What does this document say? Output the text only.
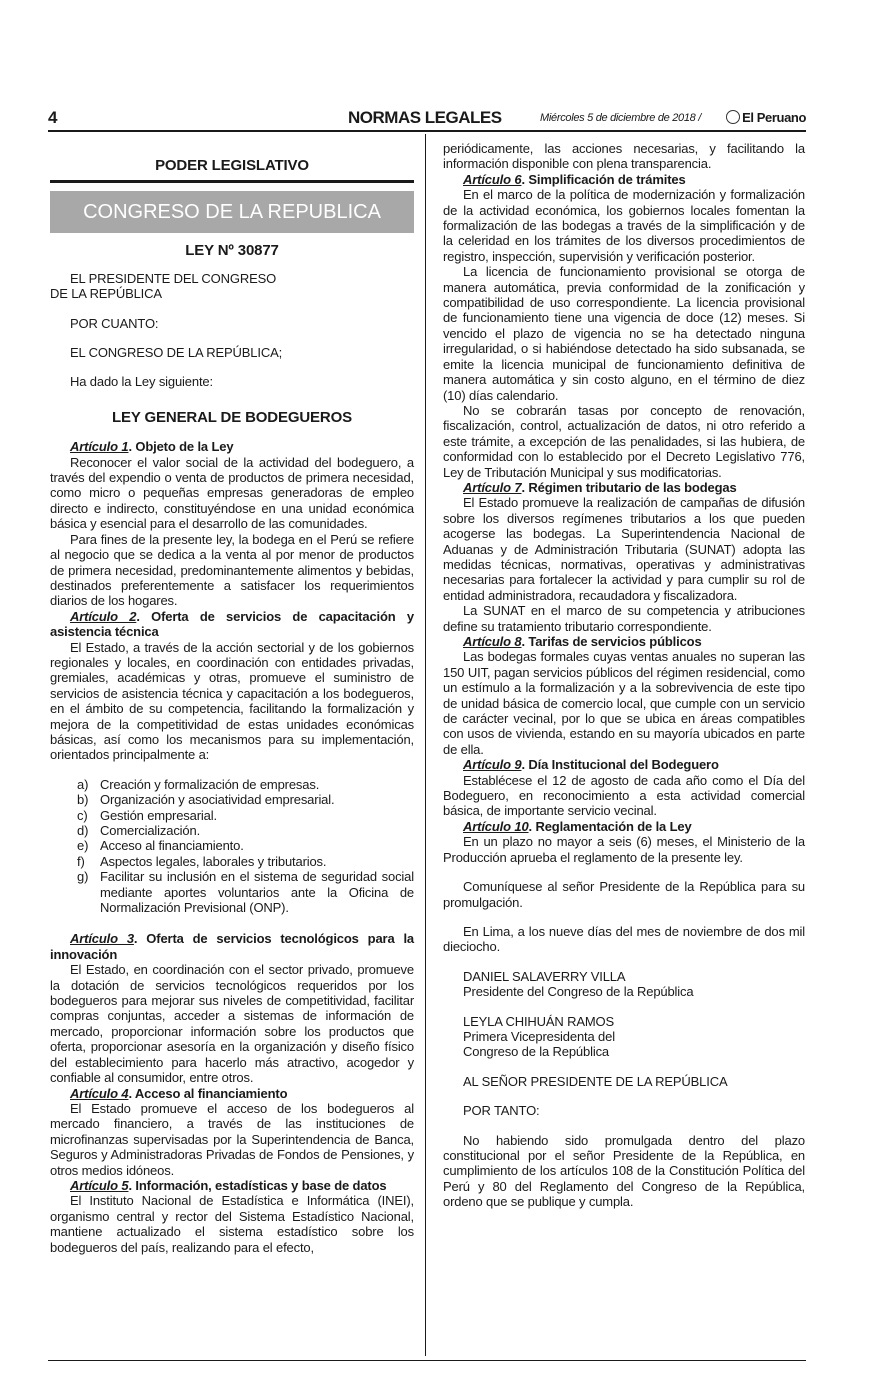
4	NORMAS LEGALES	Miércoles 5 de diciembre de 2018 /	El Peruano
PODER LEGISLATIVO
CONGRESO DE LA REPUBLICA
LEY Nº 30877

EL PRESIDENTE DEL CONGRESO
DE LA REPÚBLICA

POR CUANTO:

EL CONGRESO DE LA REPÚBLICA;

Ha dado la Ley siguiente:

LEY GENERAL DE BODEGUEROS

Artículo 1. Objeto de la Ley

Reconocer el valor social de la actividad del bodeguero, a través del expendio o venta de productos de primera necesidad, como micro o pequeñas empresas generadoras de empleo directo e indirecto, constituyéndose en una unidad económica básica y esencial para el desarrollo de las comunidades.

Para fines de la presente ley, la bodega en el Perú se refiere al negocio que se dedica a la venta al por menor de productos de primera necesidad, predominantemente alimentos y bebidas, destinados preferentemente a satisfacer los requerimientos diarios de los hogares.

Artículo 2. Oferta de servicios de capacitación y asistencia técnica

El Estado, a través de la acción sectorial y de los gobiernos regionales y locales, en coordinación con entidades privadas, gremiales, académicas y otras, promueve el suministro de servicios de asistencia técnica y capacitación a los bodegueros, en el ámbito de su competencia, facilitando la formalización y mejora de la competitividad de estas unidades económicas básicas, así como los mecanismos para su implementación, orientados principalmente a:

a) Creación y formalización de empresas.
b) Organización y asociatividad empresarial.
c) Gestión empresarial.
d) Comercialización.
e) Acceso al financiamiento.
f) Aspectos legales, laborales y tributarios.
g) Facilitar su inclusión en el sistema de seguridad social mediante aportes voluntarios ante la Oficina de Normalización Previsional (ONP).

Artículo 3. Oferta de servicios tecnológicos para la innovación

El Estado, en coordinación con el sector privado, promueve la dotación de servicios tecnológicos requeridos por los bodegueros para mejorar sus niveles de competitividad, facilitar compras conjuntas, acceder a sistemas de información de mercado, proporcionar información sobre los productos que oferta, proporcionar asesoría en la organización y diseño físico del establecimiento para hacerlo más atractivo, acogedor y confiable al consumidor, entre otros.

Artículo 4. Acceso al financiamiento

El Estado promueve el acceso de los bodegueros al mercado financiero, a través de las instituciones de microfinanzas supervisadas por la Superintendencia de Banca, Seguros y Administradoras Privadas de Fondos de Pensiones, y otros medios idóneos.

Artículo 5. Información, estadísticas y base de datos

El Instituto Nacional de Estadística e Informática (INEI), organismo central y rector del Sistema Estadístico Nacional, mantiene actualizado el sistema estadístico sobre los bodegueros del país, realizando para el efecto,

periódicamente, las acciones necesarias, y facilitando la información disponible con plena transparencia.

Artículo 6. Simplificación de trámites

En el marco de la política de modernización y formalización de la actividad económica, los gobiernos locales fomentan la formalización de las bodegas a través de la simplificación y de la celeridad en los trámites de los diversos procedimientos de registro, inspección, supervisión y verificación posterior.

La licencia de funcionamiento provisional se otorga de manera automática, previa conformidad de la zonificación y compatibilidad de uso correspondiente. La licencia provisional de funcionamiento tiene una vigencia de doce (12) meses. Si vencido el plazo de vigencia no se ha detectado ninguna irregularidad, o si habiéndose detectado ha sido subsanada, se emite la licencia municipal de funcionamiento definitiva de manera automática y sin costo alguno, en el término de diez (10) días calendario.

No se cobrarán tasas por concepto de renovación, fiscalización, control, actualización de datos, ni otro referido a este trámite, a excepción de las penalidades, si las hubiera, de conformidad con lo establecido por el Decreto Legislativo 776, Ley de Tributación Municipal y sus modificatorias.

Artículo 7. Régimen tributario de las bodegas

El Estado promueve la realización de campañas de difusión sobre los diversos regímenes tributarios a los que pueden acogerse las bodegas. La Superintendencia Nacional de Aduanas y de Administración Tributaria (SUNAT) adopta las medidas técnicas, normativas, operativas y administrativas necesarias para fortalecer la actividad y para cumplir su rol de entidad administradora, recaudadora y fiscalizadora.

La SUNAT en el marco de su competencia y atribuciones define su tratamiento tributario correspondiente.

Artículo 8. Tarifas de servicios públicos

Las bodegas formales cuyas ventas anuales no superan las 150 UIT, pagan servicios públicos del régimen residencial, como un estímulo a la formalización y a la sobrevivencia de este tipo de unidad básica de comercio local, que cumple con un servicio de carácter vecinal, por lo que se ubica en áreas compatibles con usos de vivienda, estando en su mayoría ubicados en parte de ella.

Artículo 9. Día Institucional del Bodeguero

Establécese el 12 de agosto de cada año como el Día del Bodeguero, en reconocimiento a esta actividad comercial básica, de importante servicio vecinal.

Artículo 10. Reglamentación de la Ley

En un plazo no mayor a seis (6) meses, el Ministerio de la Producción aprueba el reglamento de la presente ley.

Comuníquese al señor Presidente de la República para su promulgación.

En Lima, a los nueve días del mes de noviembre de dos mil dieciocho.

DANIEL SALAVERRY VILLA

Presidente del Congreso de la República

LEYLA CHIHUÁN RAMOS

Primera Vicepresidenta del

Congreso de la República

AL SEÑOR PRESIDENTE DE LA REPÚBLICA

POR TANTO:

No habiendo sido promulgada dentro del plazo constitucional por el señor Presidente de la República, en cumplimiento de los artículos 108 de la Constitución Política del Perú y 80 del Reglamento del Congreso de la República, ordeno que se publique y cumpla.
